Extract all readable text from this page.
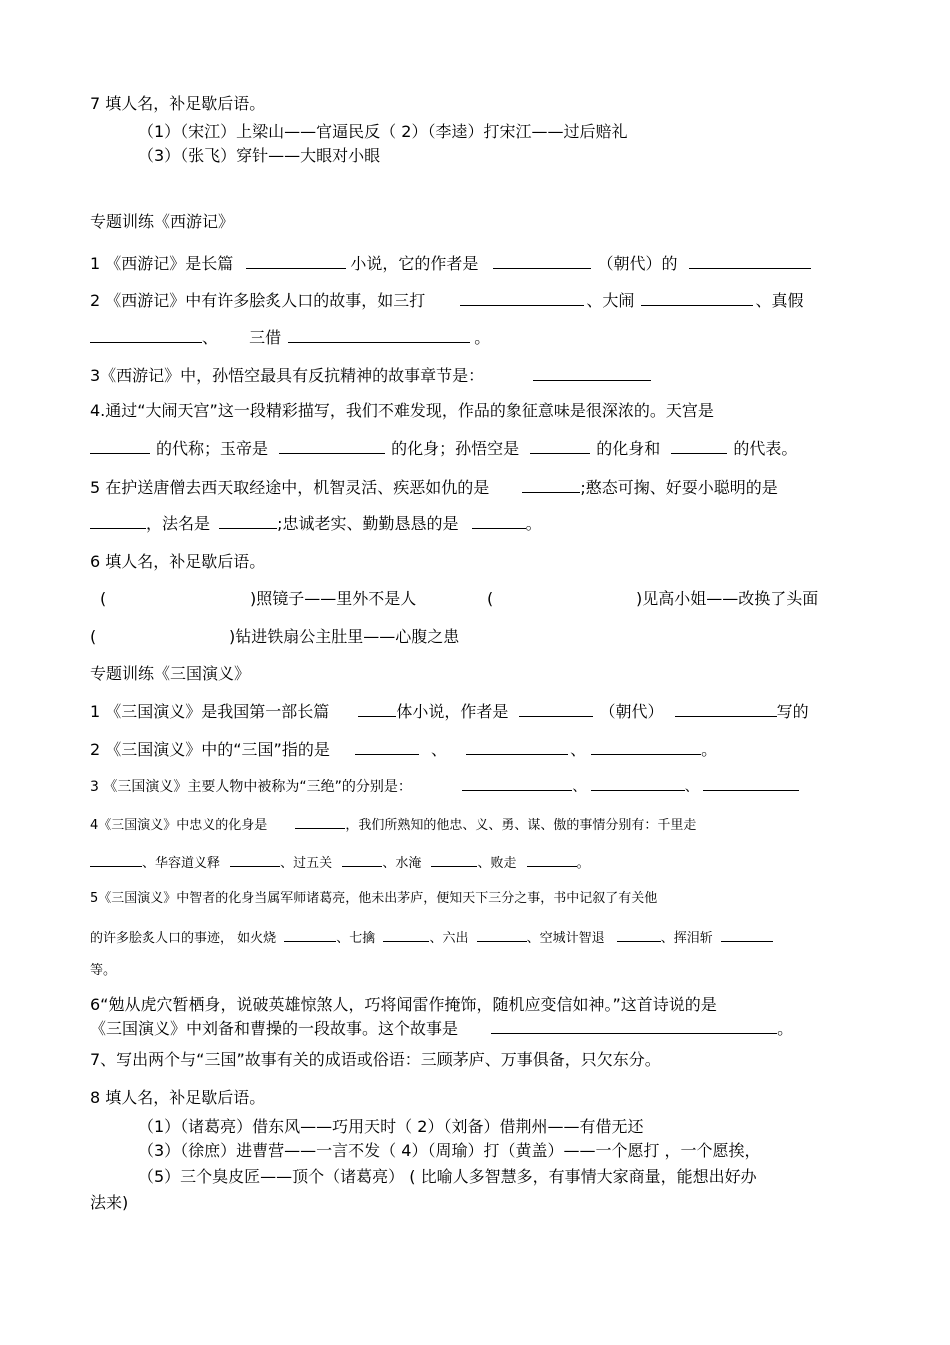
7 填人名，补足歇后语。
（1）（宋江）上梁山——官逼民反（ 2）（李逵）打宋江——过后赔礼
（3）（张飞）穿针——大眼对小眼
专题训练《西游记》
1 《西游记》是长篇	小说，它的作者是	（朝代）的
2 《西游记》中有许多脍炙人口的故事，如三打	、大闹	、真假
、 三借	。
3《西游记》中，孙悟空最具有反抗精神的故事章节是：
4.通过“大闹天宫”这一段精彩描写，我们不难发现，作品的象征意味是很深浓的。天宫是
的代称；玉帝是	的化身；孙悟空是	的化身和	的代表。
5 在护送唐僧去西天取经途中，机智灵活、疾恶如仇的是	;憨态可掬、好耍小聪明的是
，法名是	;忠诚老实、勤勤恳恳的是	。
6 填人名，补足歇后语。
(	)照镜子——里外不是人	(	)见高小姐——改换了头面
(	)钻进铁扇公主肚里——心腹之患
专题训练《三国演义》
1 《三国演义》是我国第一部长篇	体小说，作者是	（朝代）	写的
2 《三国演义》中的“三国”指的是	、	、	。
3 《三国演义》主要人物中被称为“三绝”的分别是：	、	、
4《三国演义》中忠义的化身是	，我们所熟知的他忠、义、勇、谋、傲的事情分别有：千里走
、华容道义释	、过五关	、水淹	、败走	。
5《三国演义》中智者的化身当属军师诸葛亮，他未出茅庐，便知天下三分之事，书中记叙了有关他
的许多脍炙人口的事迹， 如火烧	、七擒	、六出	、空城计智退	、挥泪斩
等。
6“勉从虎穴暂栖身，说破英雄惊煞人，巧将闻雷作掩饰，随机应变信如神。”这首诗说的是
《三国演义》中刘备和曹操的一段故事。这个故事是	。
7、写出两个与“三国”故事有关的成语或俗语：三顾茅庐、万事俱备，只欠东分。
8 填人名，补足歇后语。
（1）（诸葛亮）借东风——巧用天时（ 2）（刘备）借荆州——有借无还
（3）（徐庶）进曹营——一言不发（ 4）（周瑜）打（黄盖）——一个愿打 ，一个愿挨，
（5）三个臭皮匠——顶个（诸葛亮） ( 比喻人多智慧多，有事情大家商量，能想出好办
法来)
